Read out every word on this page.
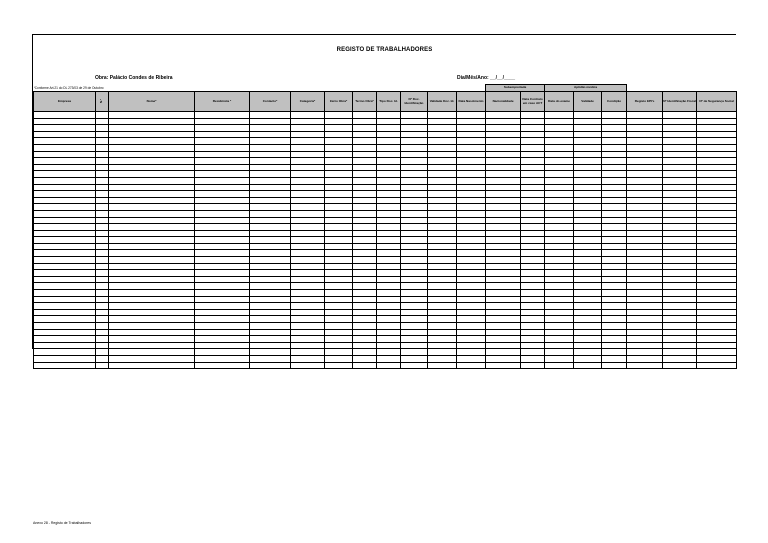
REGISTO DE TRABALHADORES
Obra: Palácio Condes de Ribeira	Dia/Mês/Ano: __/__/____
*Conforme Art.21 do DL 273/03 de 29 de Outubro												Subempreitada		Aptidão médica					
Empresa	N.º	Nome*	Residência *	Contacto*	Categoria*	Início Obra*	Termo Obra*	Tipo Doc. Id.	Nº Doc. Identificação	Validade Doc. Id.	Data Nascimento	Nacionalidade	Data Contrato em caso ACT	Data do exame	Validade	Condição	Registo EPI's	Nº Identificação Fiscal	Nº de Segurança Social

Anexo 28 - Registo de Trabalhadores
